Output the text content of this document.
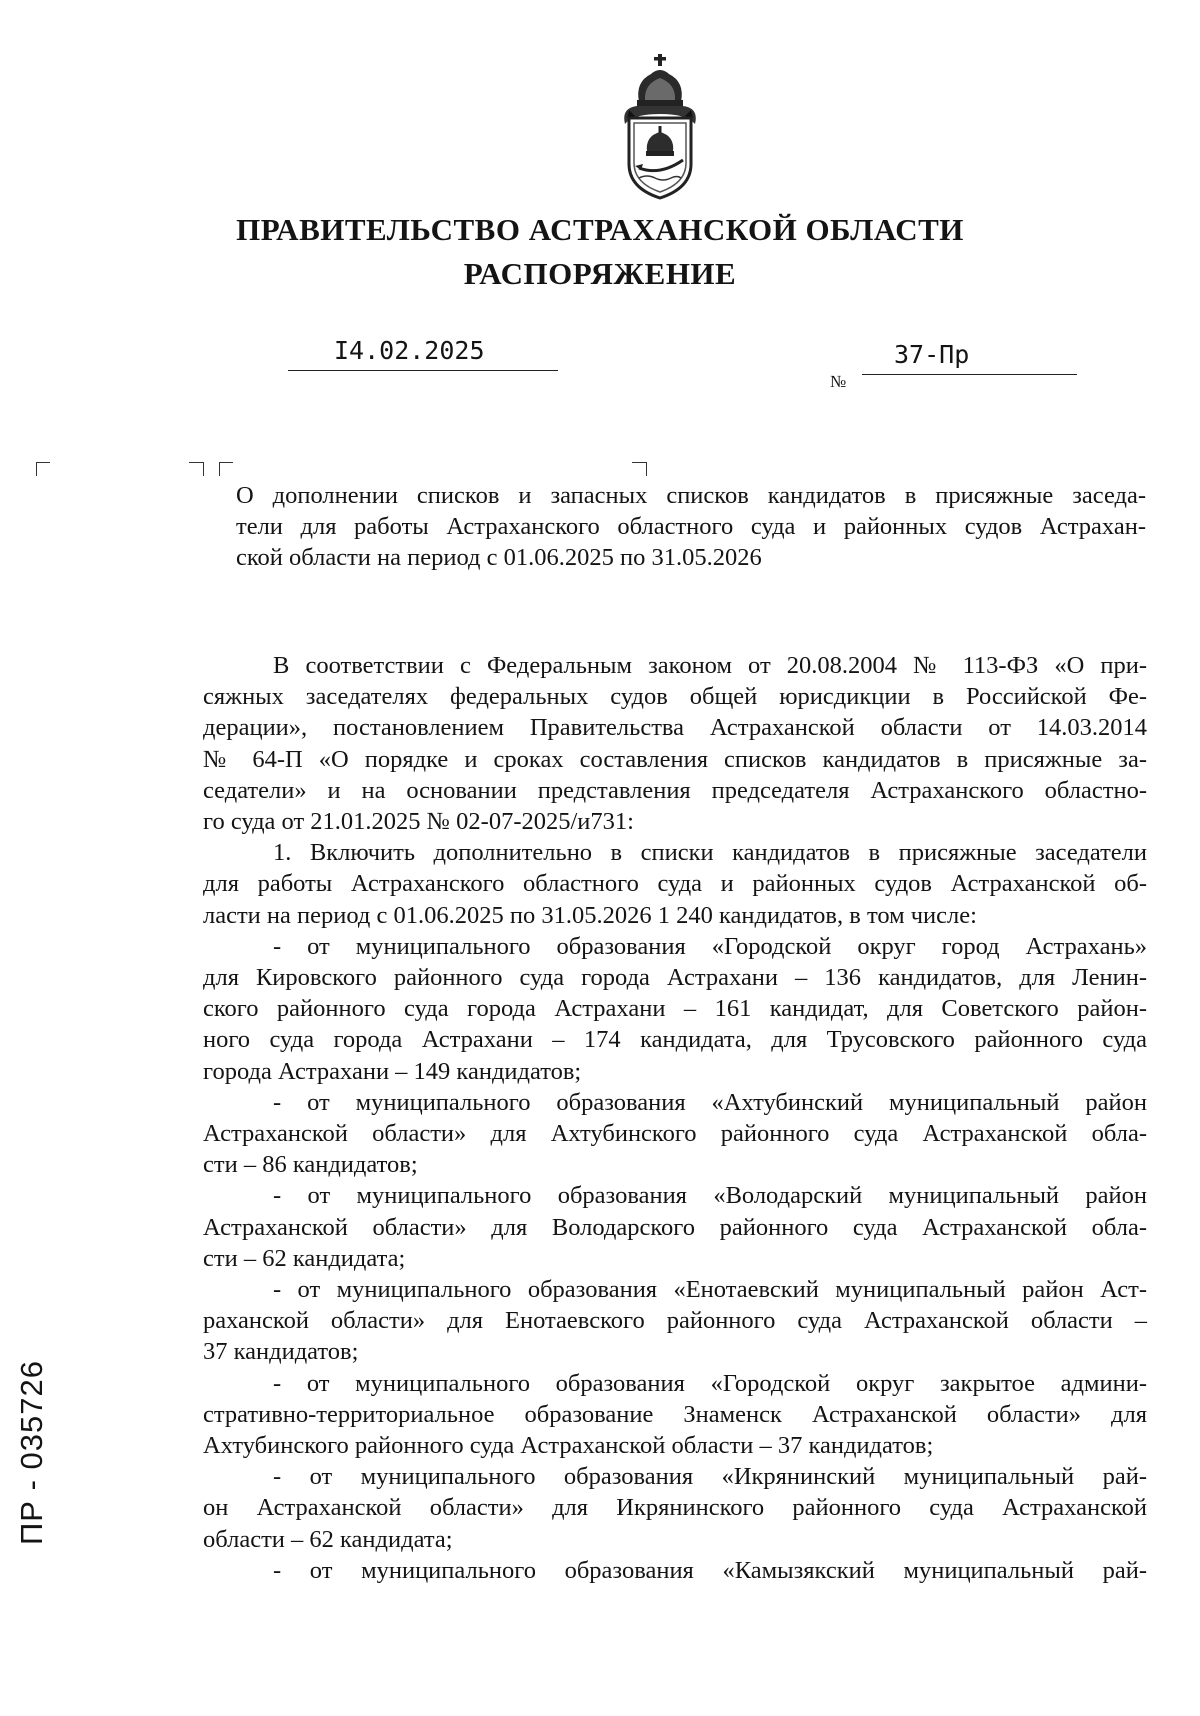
ПРАВИТЕЛЬСТВО АСТРАХАНСКОЙ ОБЛАСТИ
РАСПОРЯЖЕНИЕ
I4.02.2025
№
37-Пр
О дополнении списков и запасных списков кандидатов в присяжные заседа-
тели для работы Астраханского областного суда и районных судов Астрахан-
ской области на период с 01.06.2025 по 31.05.2026
В соответствии с Федеральным законом от 20.08.2004 № 113-ФЗ «О при-
сяжных заседателях федеральных судов общей юрисдикции в Российской Фе-
дерации», постановлением Правительства Астраханской области от 14.03.2014
№ 64-П «О порядке и сроках составления списков кандидатов в присяжные за-
седатели» и на основании представления председателя Астраханского областно-
го суда от 21.01.2025 № 02-07-2025/и731:
1. Включить дополнительно в списки кандидатов в присяжные заседатели
для работы Астраханского областного суда и районных судов Астраханской об-
ласти на период с 01.06.2025 по 31.05.2026 1 240 кандидатов, в том числе:
- от муниципального образования «Городской округ город Астрахань»
для Кировского районного суда города Астрахани – 136 кандидатов, для Ленин-
ского районного суда города Астрахани – 161 кандидат, для Советского район-
ного суда города Астрахани – 174 кандидата, для Трусовского районного суда
города Астрахани – 149 кандидатов;
- от муниципального образования «Ахтубинский муниципальный район
Астраханской области» для Ахтубинского районного суда Астраханской обла-
сти – 86 кандидатов;
- от муниципального образования «Володарский муниципальный район
Астраханской области» для Володарского районного суда Астраханской обла-
сти – 62 кандидата;
- от муниципального образования «Енотаевский муниципальный район Аст-
раханской области» для Енотаевского районного суда Астраханской области –
37 кандидатов;
- от муниципального образования «Городской округ закрытое админи-
стративно-территориальное образование Знаменск Астраханской области» для
Ахтубинского районного суда Астраханской области – 37 кандидатов;
- от муниципального образования «Икрянинский муниципальный рай-
он Астраханской области» для Икрянинского районного суда Астраханской
области – 62 кандидата;
- от муниципального образования «Камызякский муниципальный рай-
ПР - 035726
